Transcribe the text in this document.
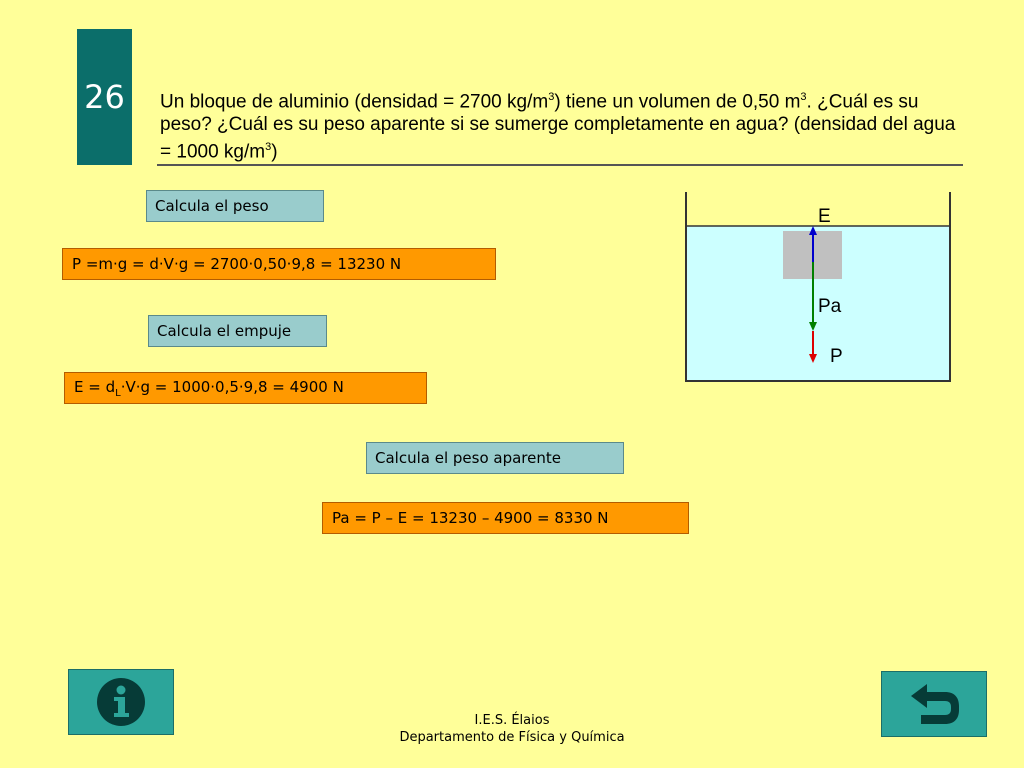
26 Un bloque de aluminio (densidad = 2700 $kg/m^3$) tiene un volumen de 0,50 $m^3$. ¿Cuál es su peso? ¿Cuál es su peso aparente si se sumerge completamente en agua? (densidad del agua = 1000 $kg/m^3$)
Calcula el peso
P =m·g = d·V·g = 2700·0,50·9,8 = 13230 N
Calcula el empuje
$E = d_L\cdot V\cdot g = 1000\cdot 0,5\cdot 9,8 = 4900$ N
Calcula el peso aparente
Pa = P – E = 13230 – 4900 = 8330 N
E
Pa
P
I.E.S. Élaios
Departamento de Física y Química
